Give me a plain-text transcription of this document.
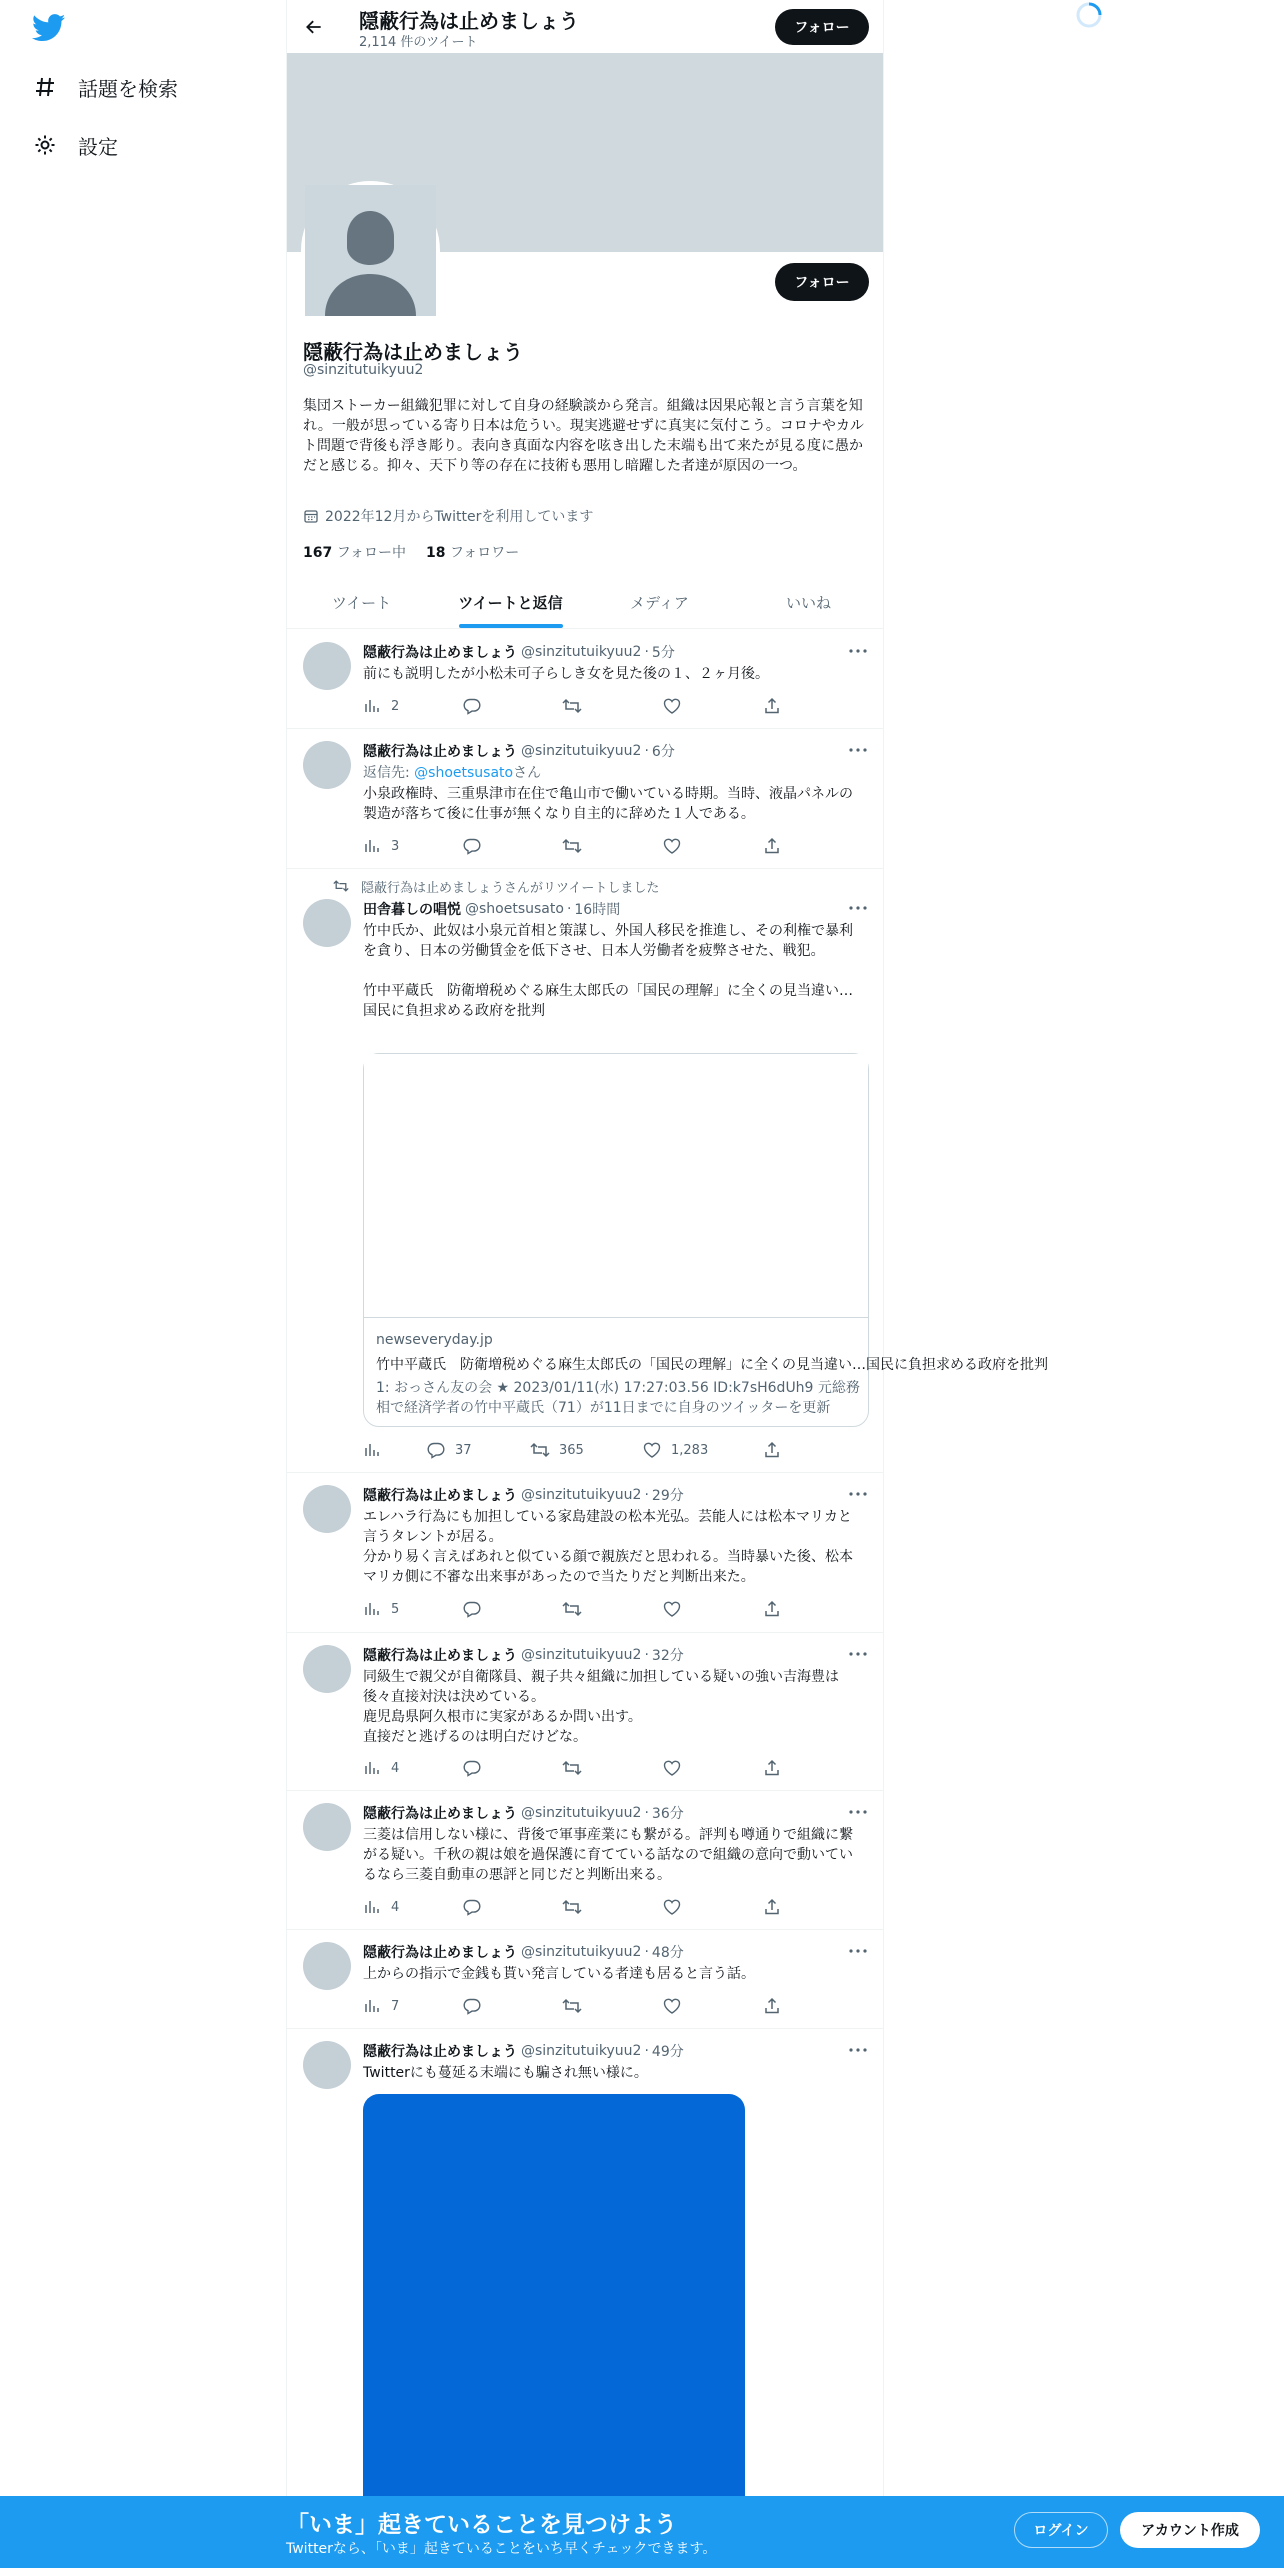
話題を検索
設定
隠蔽行為は止めましょう
2,114 件のツイート
フォロー
フォロー
隠蔽行為は止めましょう
@sinzitutuikyuu2
集団ストーカー組織犯罪に対して自身の経験談から発言。組織は因果応報と言う言葉を知れ。一般が思っている寄り日本は危うい。現実逃避せずに真実に気付こう。コロナやカルト問題で背後も浮き彫り。表向き真面な内容を呟き出した末端も出て来たが見る度に愚かだと感じる。抑々、天下り等の存在に技術も悪用し暗躍した者達が原因の一つ。
2022年12月からTwitterを利用しています
167 フォロー中 18 フォロワー
ツイート	ツイートと返信	メディア	いいね
隠蔽行為は止めましょう @sinzitutuikyuu2 · 5分
前にも説明したが小松未可子らしき女を見た後の１、２ヶ月後。
2
隠蔽行為は止めましょう @sinzitutuikyuu2 · 6分
返信先: @shoetsusatoさん
小泉政権時、三重県津市在住で亀山市で働いている時期。当時、液晶パネルの製造が落ちて後に仕事が無くなり自主的に辞めた１人である。
3
隠蔽行為は止めましょうさんがリツイートしました
田舎暮しの唱悦 @shoetsusato · 16時間
竹中氏か、此奴は小泉元首相と策謀し、外国人移民を推進し、その利権で暴利を貪り、日本の労働賃金を低下させ、日本人労働者を疲弊させた、戦犯。

竹中平蔵氏　防衛増税めぐる麻生太郎氏の「国民の理解」に全くの見当違い…国民に負担求める政府を批判
newseveryday.jp
竹中平蔵氏　防衛増税めぐる麻生太郎氏の「国民の理解」に全くの見当違い…国民に負担求める政府を批判
1: おっさん友の会 ★ 2023/01/11(水) 17:27:03.56 ID:k7sH6dUh9 元総務相で経済学者の竹中平蔵氏（71）が11日までに自身のツイッターを更新
37	365	1,283
隠蔽行為は止めましょう @sinzitutuikyuu2 · 29分
エレハラ行為にも加担している家島建設の松本光弘。芸能人には松本マリカと言うタレントが居る。
分かり易く言えばあれと似ている顔で親族だと思われる。当時暴いた後、松本マリカ側に不審な出来事があったので当たりだと判断出来た。
5
隠蔽行為は止めましょう @sinzitutuikyuu2 · 32分
同級生で親父が自衛隊員、親子共々組織に加担している疑いの強い吉海豊は後々直接対決は決めている。
鹿児島県阿久根市に実家があるか問い出す。
直接だと逃げるのは明白だけどな。
4
隠蔽行為は止めましょう @sinzitutuikyuu2 · 36分
三菱は信用しない様に、背後で軍事産業にも繋がる。評判も噂通りで組織に繋がる疑い。千秋の親は娘を過保護に育てている話なので組織の意向で動いているなら三菱自動車の悪評と同じだと判断出来る。
4
隠蔽行為は止めましょう @sinzitutuikyuu2 · 48分
上からの指示で金銭も貰い発言している者達も居ると言う話。
7
隠蔽行為は止めましょう @sinzitutuikyuu2 · 49分
Twitterにも蔓延る末端にも騙され無い様に。
「いま」起きていることを見つけよう
Twitterなら、「いま」起きていることをいち早くチェックできます。
ログイン	アカウント作成
